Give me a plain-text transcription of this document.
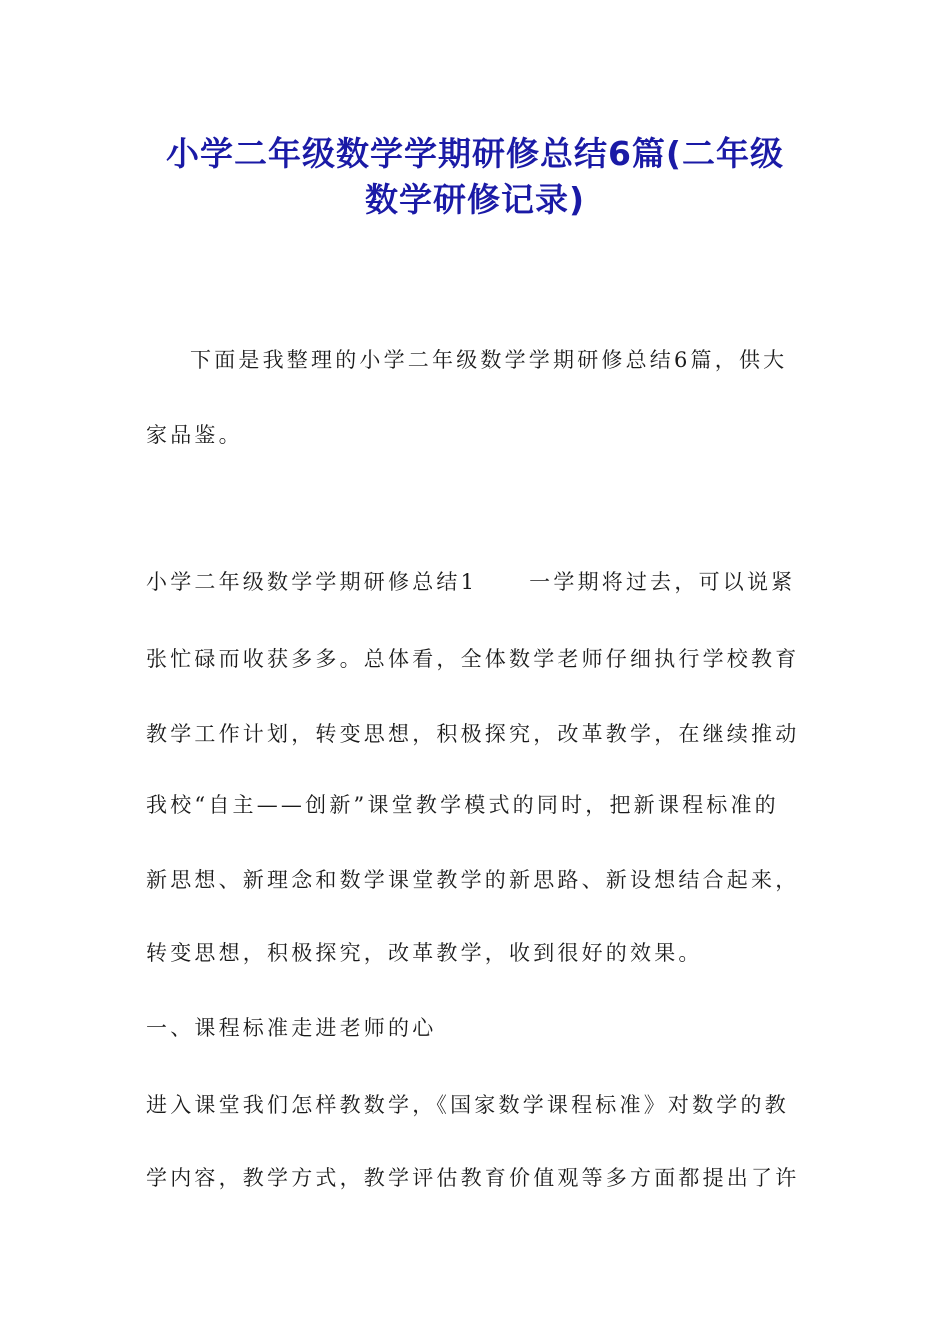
小学二年级数学学期研修总结6篇(二年级
数学研修记录)

下面是我整理的小学二年级数学学期研修总结6篇，供大

家品鉴。

小学二年级数学学期研修总结1 一学期将过去，可以说紧

张忙碌而收获多多。总体看，全体数学老师仔细执行学校教育

教学工作计划，转变思想，积极探究，改革教学，在继续推动

我校“自主——创新”课堂教学模式的同时，把新课程标准的

新思想、新理念和数学课堂教学的新思路、新设想结合起来，

转变思想，积极探究，改革教学，收到很好的效果。

一、课程标准走进老师的心

进入课堂我们怎样教数学，《国家数学课程标准》对数学的教

学内容，教学方式，教学评估教育价值观等多方面都提出了许
